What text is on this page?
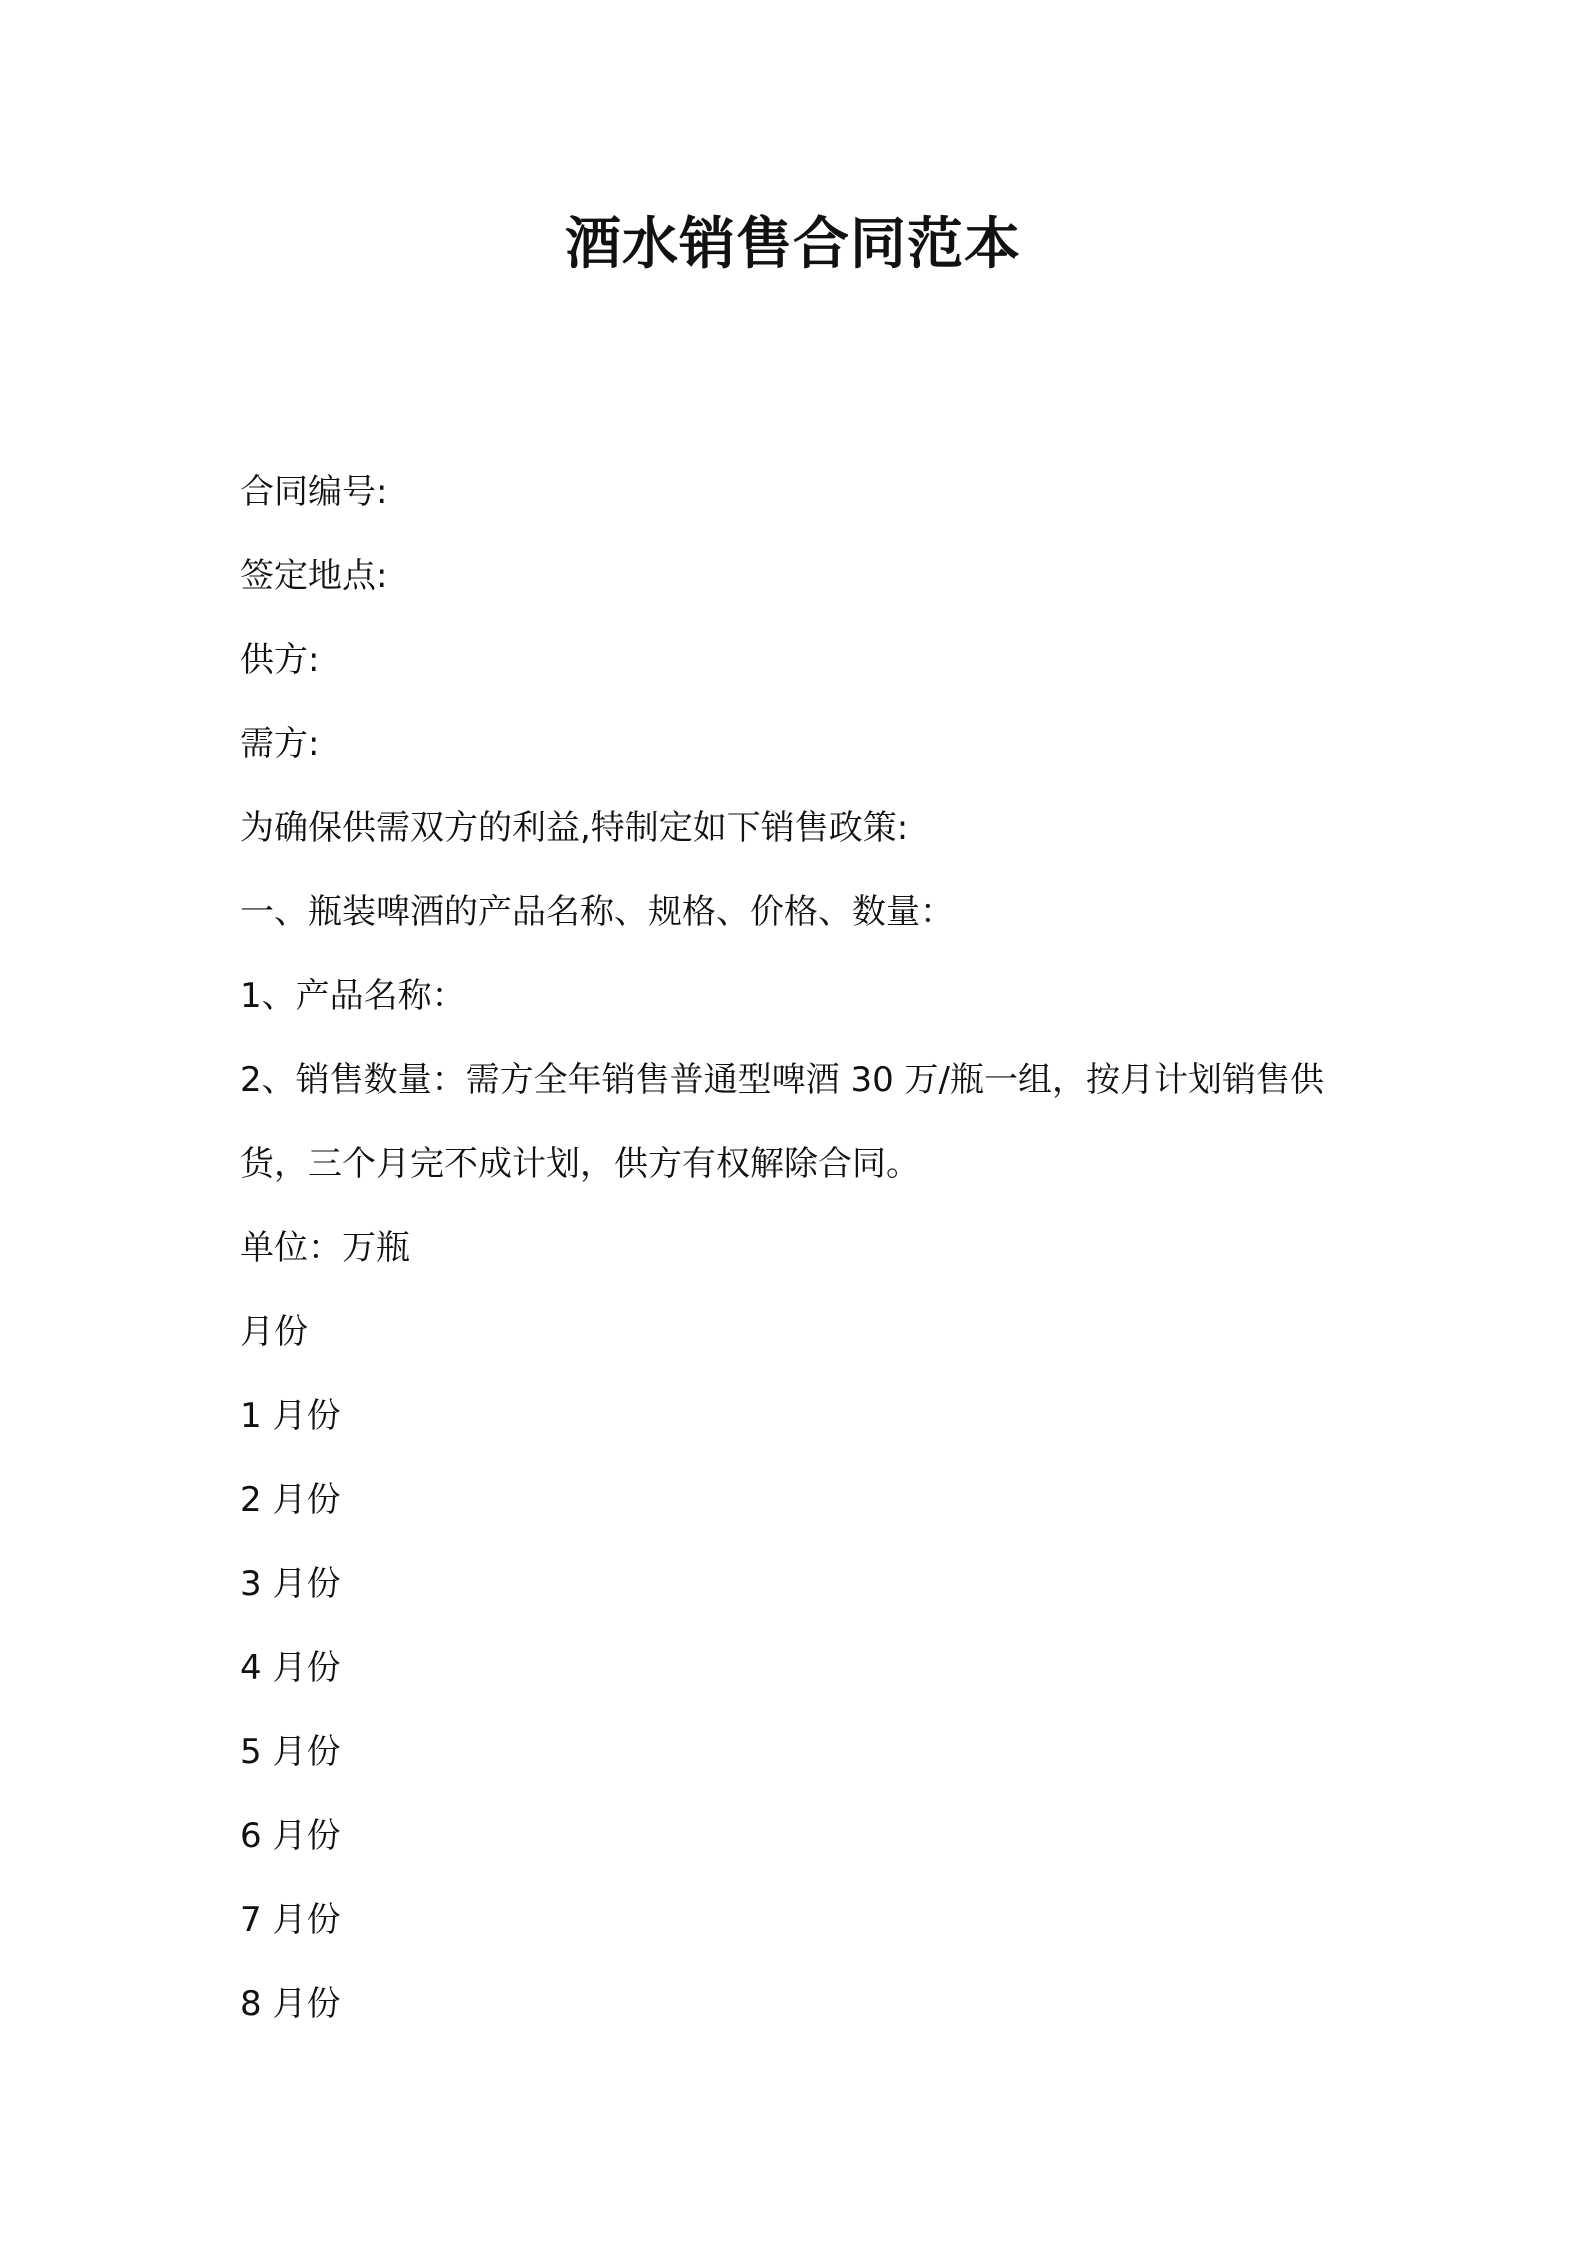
酒水销售合同范本

合同编号:

签定地点:

供方:

需方:

为确保供需双方的利益,特制定如下销售政策:

一、瓶装啤酒的产品名称、规格、价格、数量：

1、产品名称：

2、销售数量：需方全年销售普通型啤酒 30 万/瓶一组，按月计划销售供货，三个月完不成计划，供方有权解除合同。

单位：万瓶

月份

1 月份

2 月份

3 月份

4 月份

5 月份

6 月份

7 月份

8 月份
